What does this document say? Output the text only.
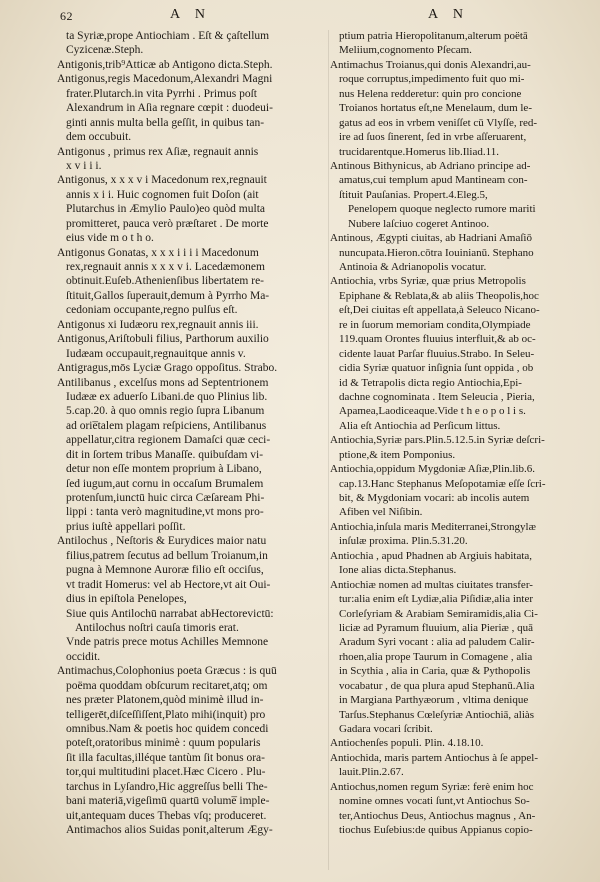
62	A N	A N
ta Syriæ,prope Antiochiam . Eſt & çaſtellum
Cyzicenæ.Steph.
Antigonis,trib⁹Atticæ ab Antigono dicta.Steph.
Antigonus,regis Macedonum,Alexandri Magni
frater.Plutarch.in vita Pyrrhi . Primus poſt
Alexandrum in Aſia regnare cœpit : duodeui-
ginti annis multa bella geſſit, in quibus tan-
dem occubuit.
Antigonus , primus rex Aſiæ, regnauit annis
x v i i i.
Antigonus, x x x v i Macedonum rex,regnauit
annis x i i. Huic cognomen fuit Doſon (ait
Plutarchus in Æmylio Paulo)eo quòd multa
promitteret, pauca verò præſtaret . De morte
eius vide m o t h o.
Antigonus Gonatas, x x x i i i i Macedonum
rex,regnauit annis x x x v i. Lacedæmonem
obtinuit.Euſeb.Athenienſibus libertatem re-
ſtituit,Gallos ſuperauit,demum à Pyrrho Ma-
cedoniam occupante,regno pulſus eſt.
Antigonus xi Iudæoru rex,regnauit annis iii.
Antigonus,Ariſtobuli filius, Parthorum auxilio
Iudæam occupauit,regnauitque annis v.
Antigragus,mōs Lyciæ Grago oppoſitus. Strabo.
Antilibanus , excelſus mons ad Septentrionem
Iudææ ex aduerſo Libani.de quo Plinius lib.
5.cap.20. à quo omnis regio ſupra Libanum
ad orie̅talem plagam reſpiciens, Antilibanus
appellatur,citra regionem Damaſci quæ ceci-
dit in ſortem tribus Manaſſe. quibuſdam vi-
detur non eſſe montem proprium à Libano,
ſed iugum,aut cornu in occaſum Brumalem
protenſum,iunctū huic circa Cæſaream Phi-
lippi : tanta verò magnitudine,vt mons pro-
prius iuſtè appellari poſſit.
Antilochus , Neſtoris & Eurydices maior natu
filius,patrem ſecutus ad bellum Troianum,in
pugna à Memnone Auroræ filio eſt occiſus,
vt tradit Homerus: vel ab Hectore,vt ait Oui-
dius in epiſtola Penelopes,
Siue quis Antilochū narrabat abHectorevictū:
Antilochus noſtri cauſa timoris erat.
Vnde patris prece motus Achilles Memnone
occidit.
Antimachus,Colophonius poeta Græcus : is quū
poëma quoddam obſcurum recitaret,atq; om
nes præter Platonem,quòd minimè illud in-
telligerēt,diſceſſiſſent,Plato mihi(inquit) pro
omnibus.Nam & poetis hoc quidem concedi
poteſt,oratoribus minimè : quum popularis
ſit illa facultas,illéque tantùm ſit bonus ora-
tor,qui multitudini placet.Hæc Cicero . Plu-
tarchus in Lyſandro,Hic aggreſſus belli The-
bani materiā,vigeſimū quartū volume̅ imple-
uit,antequam duces Thebas vſq; produceret.
Antimachos alios Suidas ponit,alterum Ægy-
ptium patria Hieropolitanum,alterum poëtā
Meliium,cognomento Pſecam.
Antimachus Troianus,qui donis Alexandri,au-
roque corruptus,impedimento fuit quo mi-
nus Helena redderetur: quin pro concione
Troianos hortatus eſt,ne Menelaum, dum le-
gatus ad eos in vrbem veniſſet cū Vlyſſe, red-
ire ad ſuos ſinerent, ſed in vrbe aſſeruarent,
trucidarentque.Homerus lib.Iliad.11.
Antinous Bithynicus, ab Adriano principe ad-
amatus,cui templum apud Mantineam con-
ſtituit Pauſanias. Propert.4.Eleg.5,
Penelopem quoque neglecto rumore mariti
Nubere laſciuo cogeret Antinoo.
Antinous, Ægypti ciuitas, ab Hadriani Amaſiō
nuncupata.Hieron.cōtra Iouinianū. Stephano
Antinoia & Adrianopolis vocatur.
Antiochia, vrbs Syriæ, quæ prius Metropolis
Epiphane & Reblata,& ab aliis Theopolis,hoc
eſt,Dei ciuitas eſt appellata,à Seleuco Nicano-
re in ſuorum memoriam condita,Olympiade
119.quam Orontes fluuius interfluit,& ab oc-
cidente lauat Parſar fluuius.Strabo. In Seleu-
cidia Syriæ quatuor inſignia ſunt oppida , ob
id & Tetrapolis dicta regio Antiochia,Epi-
dachne cognominata . Item Seleucia , Pieria,
Apamea,Laodiceaque.Vide t h e o p o l i s.
Alia eſt Antiochia ad Perſicum littus.
Antiochia,Syriæ pars.Plin.5.12.5.in Syriæ deſcri-
ptione,& item Pomponius.
Antiochia,oppidum Mygdoniæ Aſiæ,Plin.lib.6.
cap.13.Hanc Stephanus Meſopotamiæ eſſe ſcri-
bit, & Mygdoniam vocari: ab incolis autem
Afiben vel Niſibin.
Antiochia,inſula maris Mediterranei,Strongylæ
inſulæ proxima. Plin.5.31.20.
Antiochia , apud Phadnen ab Argiuis habitata,
Ione alias dicta.Stephanus.
Antiochiæ nomen ad multas ciuitates transfer-
tur:alia enim eſt Lydiæ,alia Piſidiæ,alia inter
Corleſyriam & Arabiam Semiramidis,alia Ci-
liciæ ad Pyramum fluuium, alia Pieriæ , quā
Aradum Syri vocant : alia ad paludem Calir-
rhoen,alia prope Taurum in Comagene , alia
in Scythia , alia in Caria, quæ & Pythopolis
vocabatur , de qua plura apud Stephanū.Alia
in Margiana Parthyæorum , vltima denique
Tarſus.Stephanus Cœleſyriæ Antiochiā, aliàs
Gadara vocari ſcribit.
Antiochenſes populi. Plin. 4.18.10.
Antiochida, maris partem Antiochus à ſe appel-
lauit.Plin.2.67.
Antiochus,nomen regum Syriæ: ferè enim hoc
nomine omnes vocati ſunt,vt Antiochus So-
ter,Antiochus Deus, Antiochus magnus , An-
tiochus Euſebius:de quibus Appianus copio-
